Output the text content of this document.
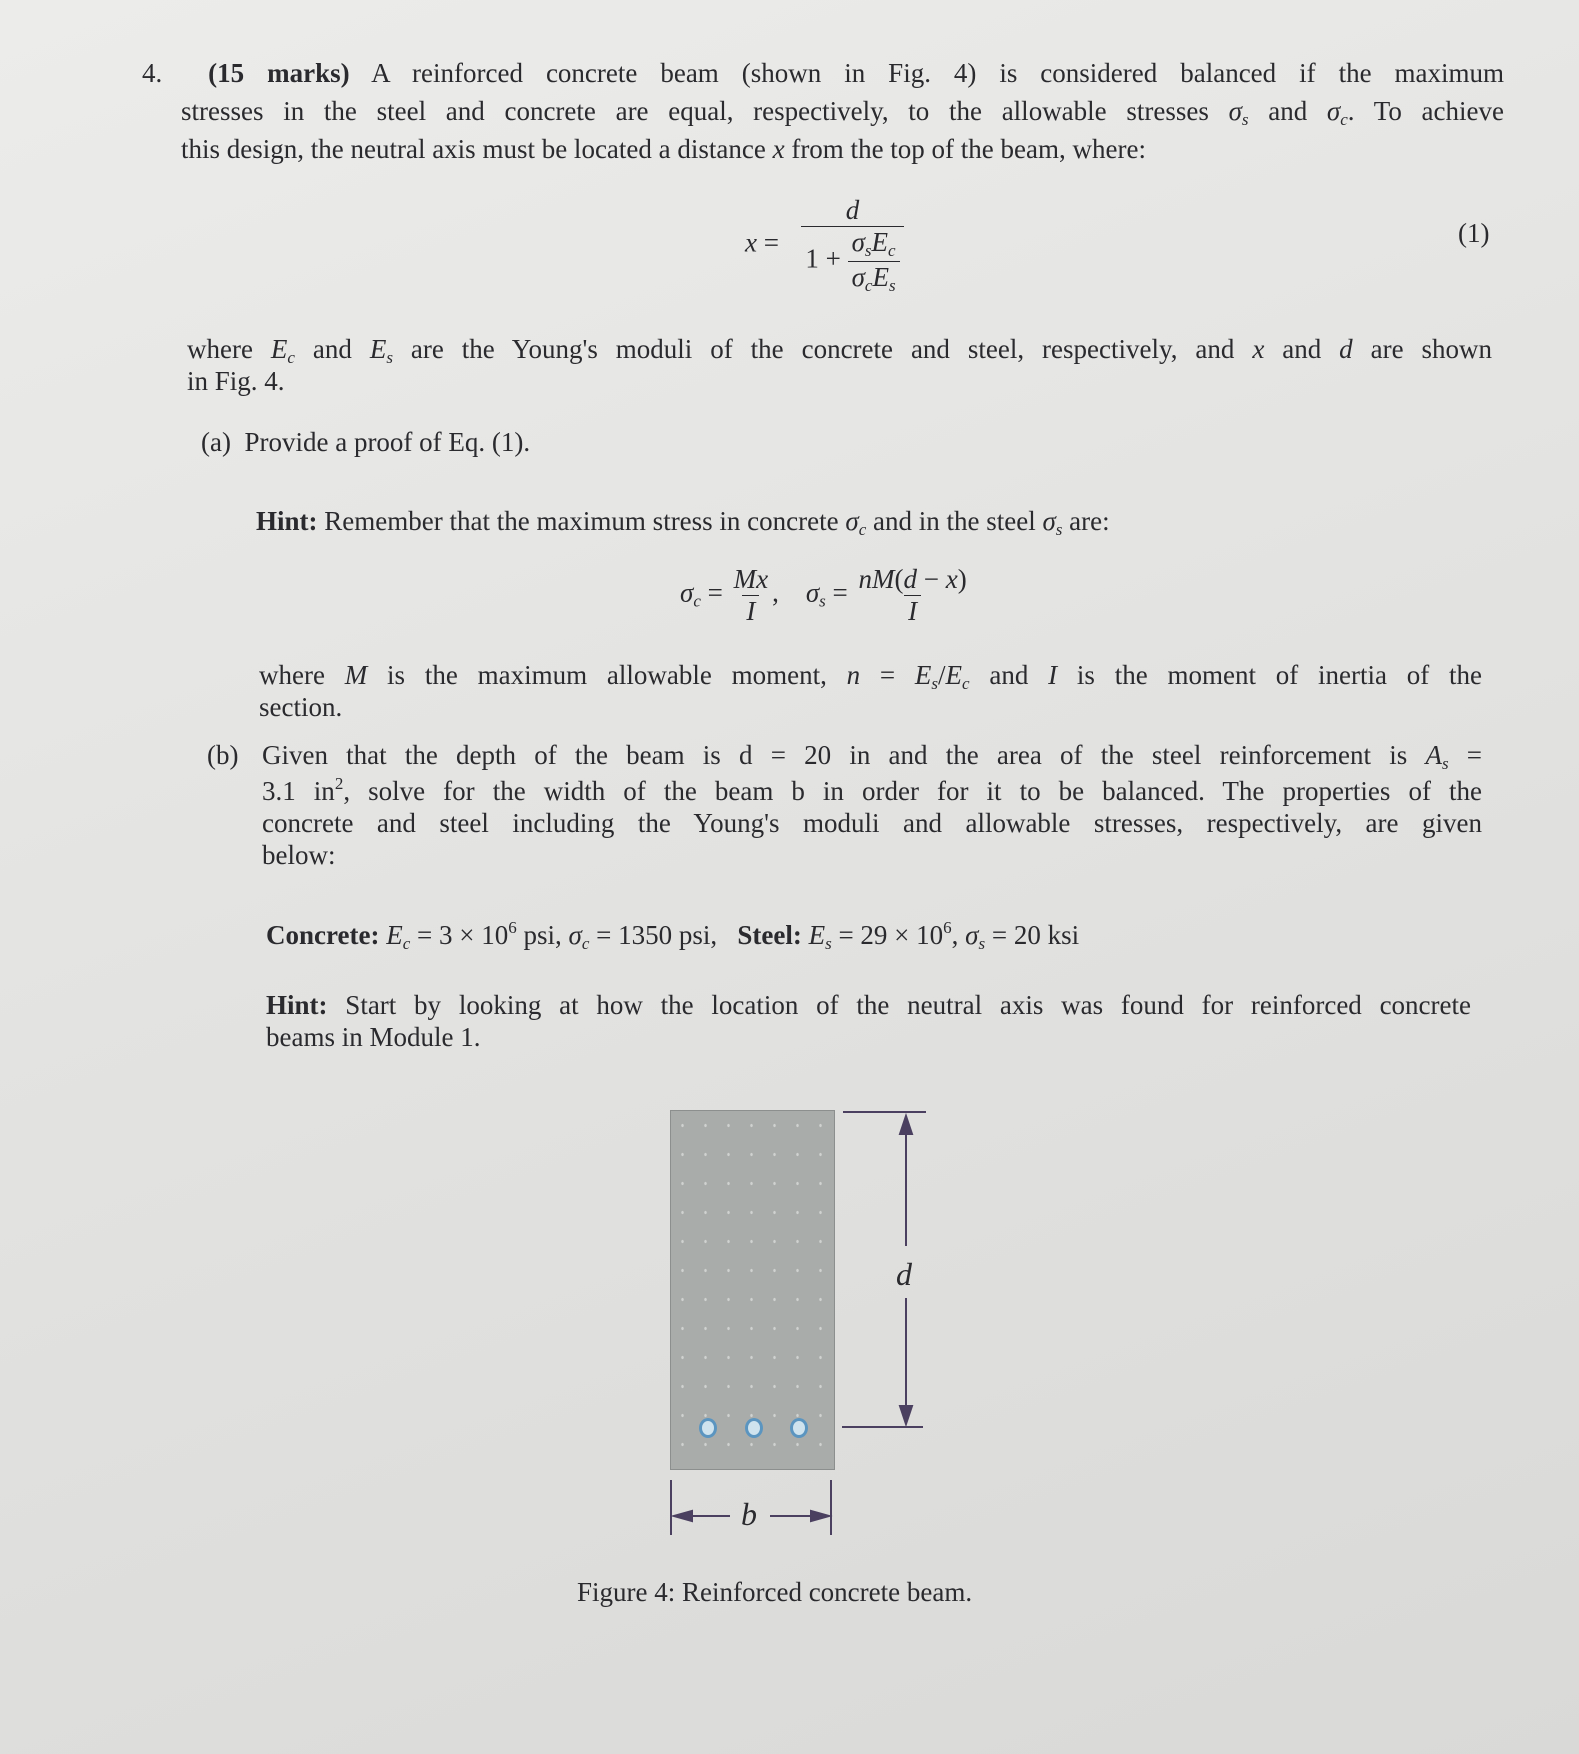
4. (15 marks) A reinforced concrete beam (shown in Fig. 4) is considered balanced if the maximum
stresses in the steel and concrete are equal, respectively, to the allowable stresses $\sigma_s$ and $\sigma_c$. To achieve
this design, the neutral axis must be located a distance x from the top of the beam, where:
$x = \frac{d}{1 + \frac{\sigma_sE_c}{\sigma_cE_s}}$	(1)
where $E_c$ and $E_s$ are the Young's moduli of the concrete and steel, respectively, and x and d are shown
in Fig. 4.
(a) Provide a proof of Eq. (1).
Hint: Remember that the maximum stress in concrete $\sigma_c$ and in the steel $\sigma_s$ are:
$\sigma_c = \frac{Mx}{I}$ ,    $\sigma_s = \frac{nM(d - x)}{I}$
where M is the maximum allowable moment, $n = E_s/E_c$ and I is the moment of inertia of the
section.
(b) Given that the depth of the beam is d = 20 in and the area of the steel reinforcement is $A_s$ =
3.1 $in^2$, solve for the width of the beam b in order for it to be balanced. The properties of the
concrete and steel including the Young's moduli and allowable stresses, respectively, are given
below:
Concrete: $E_c = 3 \times 10^6$ psi, $\sigma_c = 1350$ psi,   Steel: $E_s = 29 \times 10^6$, $\sigma_s = 20$ ksi
Hint: Start by looking at how the location of the neutral axis was found for reinforced concrete
beams in Module 1.
d
b
Figure 4: Reinforced concrete beam.
